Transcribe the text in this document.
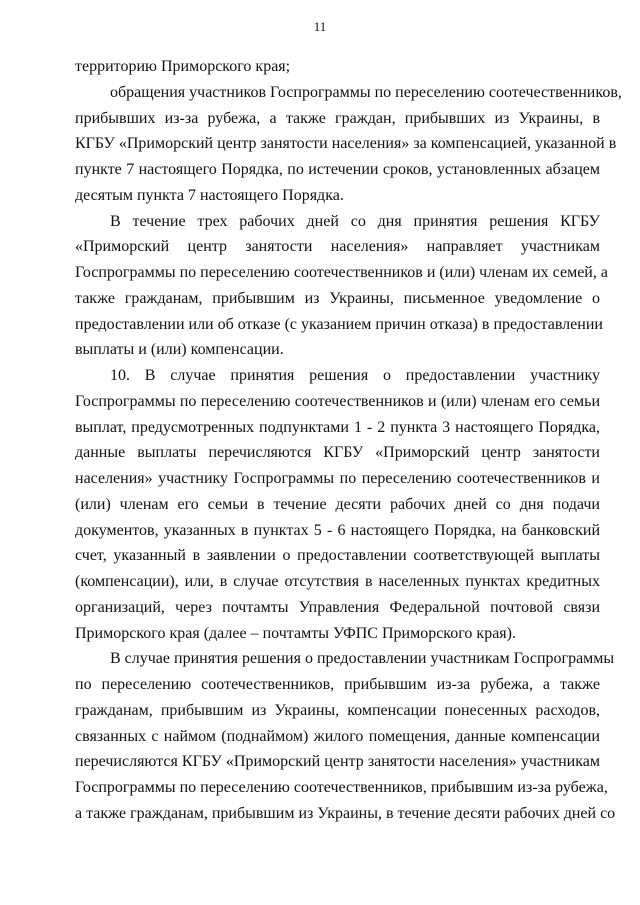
11
территорию Приморского края;
обращения участников Госпрограммы по переселению соотечественников,
прибывших из-за рубежа, а также граждан, прибывших из Украины, в
КГБУ «Приморский центр занятости населения» за компенсацией, указанной в
пункте 7 настоящего Порядка, по истечении сроков, установленных абзацем
десятым пункта 7 настоящего Порядка.
В течение трех рабочих дней со дня принятия решения КГБУ
«Приморский центр занятости населения» направляет участникам
Госпрограммы по переселению соотечественников и (или) членам их семей, а
также гражданам, прибывшим из Украины, письменное уведомление о
предоставлении или об отказе (с указанием причин отказа) в предоставлении
выплаты и (или) компенсации.
10. В случае принятия решения о предоставлении участнику
Госпрограммы по переселению соотечественников и (или) членам его семьи
выплат, предусмотренных подпунктами 1 - 2 пункта 3 настоящего Порядка,
данные выплаты перечисляются КГБУ «Приморский центр занятости
населения» участнику Госпрограммы по переселению соотечественников и
(или) членам его семьи в течение десяти рабочих дней со дня подачи
документов, указанных в пунктах 5 - 6 настоящего Порядка, на банковский
счет, указанный в заявлении о предоставлении соответствующей выплаты
(компенсации), или, в случае отсутствия в населенных пунктах кредитных
организаций, через почтамты Управления Федеральной почтовой связи
Приморского края (далее – почтамты УФПС Приморского края).
В случае принятия решения о предоставлении участникам Госпрограммы
по переселению соотечественников, прибывшим из-за рубежа, а также
гражданам, прибывшим из Украины, компенсации понесенных расходов,
связанных с наймом (поднаймом) жилого помещения, данные компенсации
перечисляются КГБУ «Приморский центр занятости населения» участникам
Госпрограммы по переселению соотечественников, прибывшим из-за рубежа,
а также гражданам, прибывшим из Украины, в течение десяти рабочих дней со
